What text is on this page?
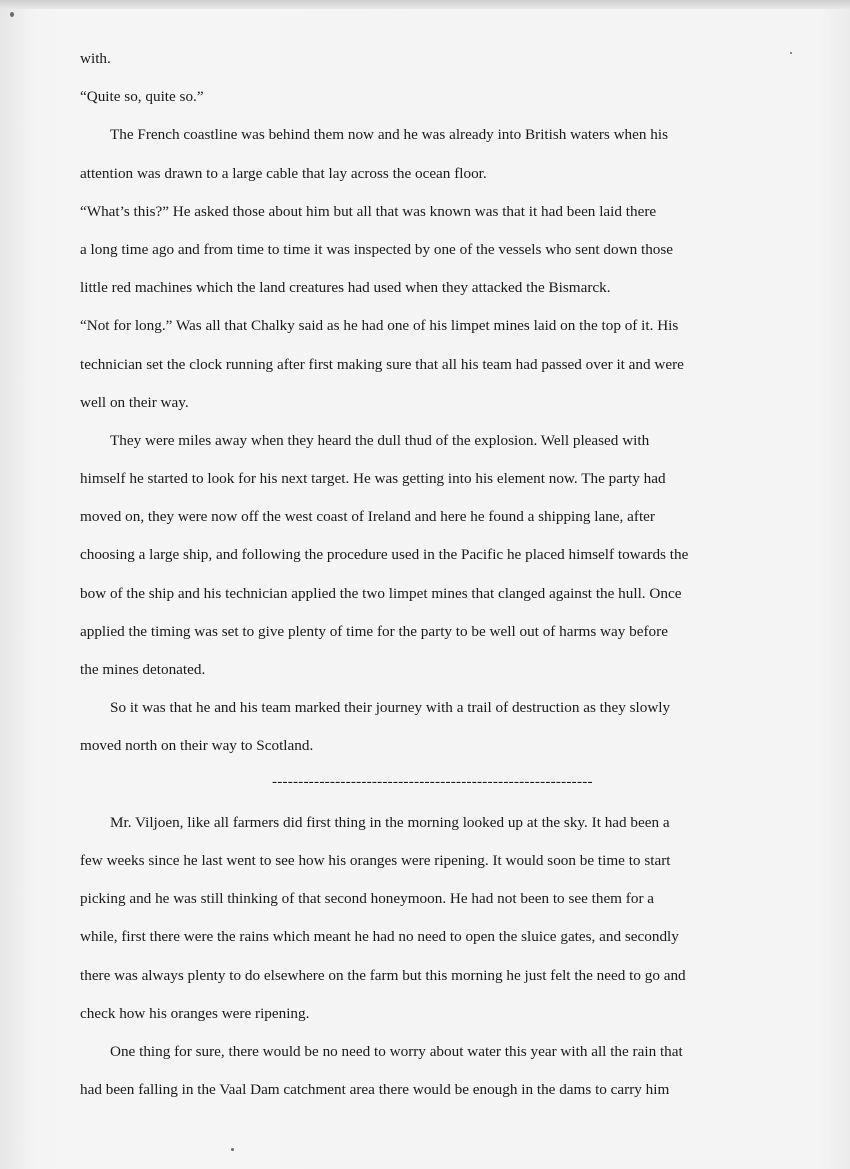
with.
“Quite so, quite so.”
The French coastline was behind them now and he was already into British waters when his
attention was drawn to a large cable that lay across the ocean floor.
“What’s this?” He asked those about him but all that was known was that it had been laid there
a long time ago and from time to time it was inspected by one of the vessels who sent down those
little red machines which the land creatures had used when they attacked the Bismarck.
“Not for long.” Was all that Chalky said as he had one of his limpet mines laid on the top of it. His
technician set the clock running after first making sure that all his team had passed over it and were
well on their way.
They were miles away when they heard the dull thud of the explosion. Well pleased with
himself he started to look for his next target. He was getting into his element now. The party had
moved on, they were now off the west coast of Ireland and here he found a shipping lane, after
choosing a large ship, and following the procedure used in the Pacific he placed himself towards the
bow of the ship and his technician applied the two limpet mines that clanged against the hull. Once
applied the timing was set to give plenty of time for the party to be well out of harms way before
the mines detonated.
So it was that he and his team marked their journey with a trail of destruction as they slowly
moved north on their way to Scotland.
-------------------------------------------------------------
Mr. Viljoen, like all farmers did first thing in the morning looked up at the sky. It had been a
few weeks since he last went to see how his oranges were ripening. It would soon be time to start
picking and he was still thinking of that second honeymoon. He had not been to see them for a
while, first there were the rains which meant he had no need to open the sluice gates, and secondly
there was always plenty to do elsewhere on the farm but this morning he just felt the need to go and
check how his oranges were ripening.
One thing for sure, there would be no need to worry about water this year with all the rain that
had been falling in the Vaal Dam catchment area there would be enough in the dams to carry him
